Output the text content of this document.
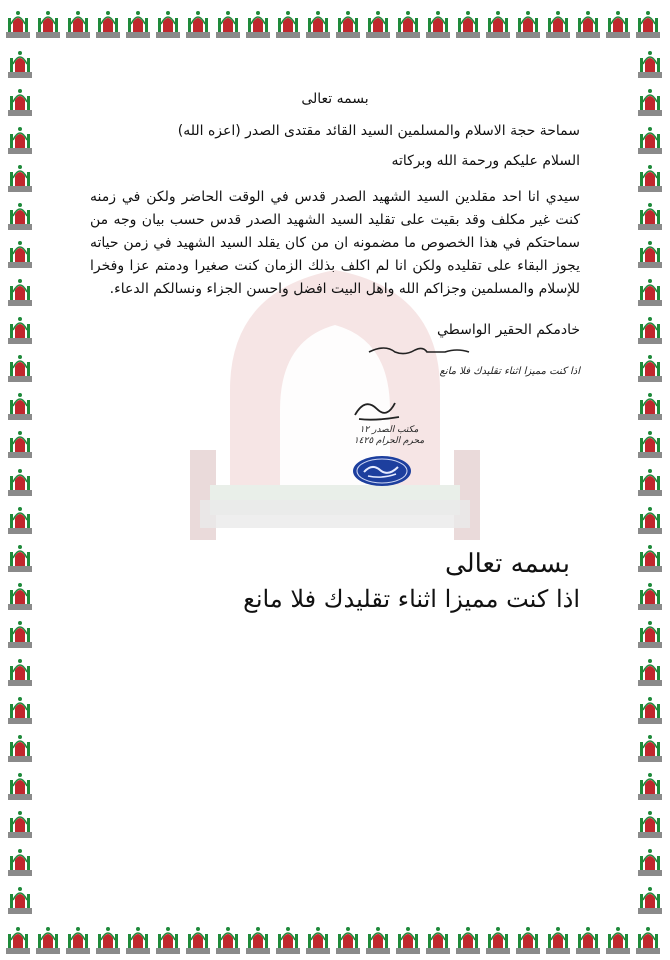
بسمه تعالى
سماحة حجة الاسلام والمسلمين السيد القائد مقتدى الصدر (اعزه الله)
السلام عليكم ورحمة الله وبركاته
سيدي انا احد مقلدين السيد الشهيد الصدر قدس في الوقت الحاضر ولكن في زمنه كنت غير مكلف وقد بقيت على تقليد السيد الشهيد الصدر قدس حسب بيان وجه من سماحتكم في هذا الخصوص ما مضمونه ان من كان يقلد السيد الشهيد في زمن حياته يجوز البقاء على تقليده ولكن انا لم اكلف بذلك الزمان كنت صغيرا ودمتم عزا وفخرا للإسلام والمسلمين وجزاكم الله واهل البيت افضل واحسن الجزاء ونسالكم الدعاء.
خادمكم الحقير الواسطي
اذا كنت مميزا اثناء تقليدك فلا مانع
مكتب الصدر ١٢ محرم الحرام ١٤٢٥
بسمه تعالى
اذا كنت مميزا اثناء تقليدك فلا مانع
